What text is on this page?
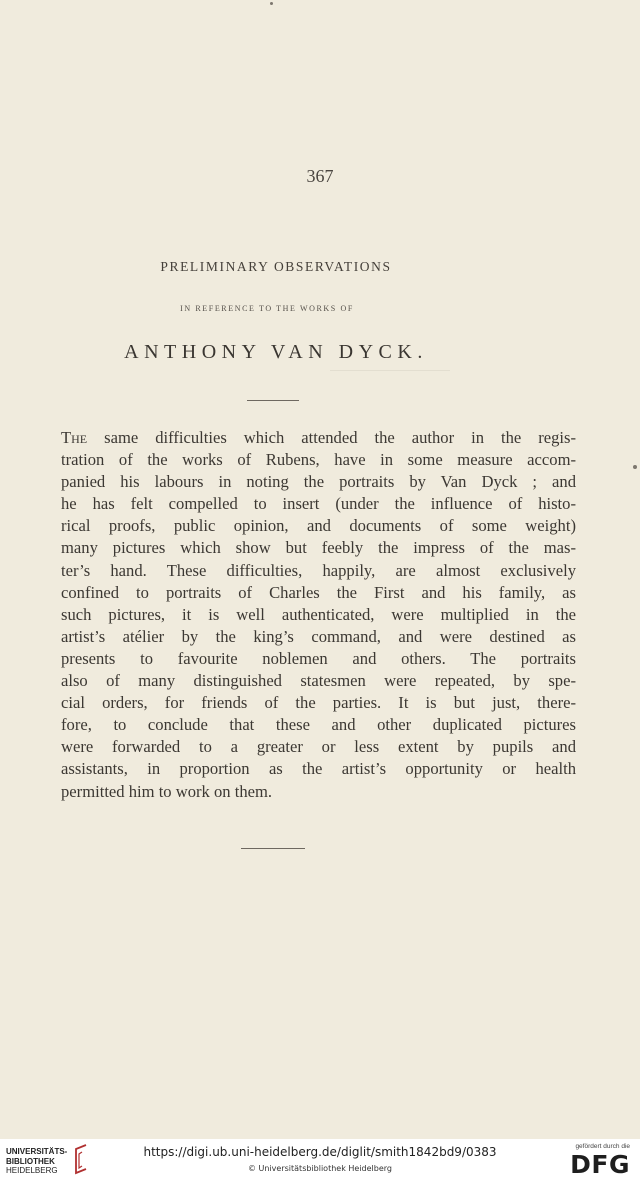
367
PRELIMINARY OBSERVATIONS
IN REFERENCE TO THE WORKS OF
ANTHONY VAN DYCK.
The same difficulties which attended the author in the regis-
tration of the works of Rubens, have in some measure accom-
panied his labours in noting the portraits by Van Dyck ; and
he has felt compelled to insert (under the influence of histo-
rical proofs, public opinion, and documents of some weight)
many pictures which show but feebly the impress of the mas-
ter’s hand. These difficulties, happily, are almost exclusively
confined to portraits of Charles the First and his family, as
such pictures, it is well authenticated, were multiplied in the
artist’s atélier by the king’s command, and were destined as
presents to favourite noblemen and others. The portraits
also of many distinguished statesmen were repeated, by spe-
cial orders, for friends of the parties. It is but just, there-
fore, to conclude that these and other duplicated pictures
were forwarded to a greater or less extent by pupils and
assistants, in proportion as the artist’s opportunity or health
permitted him to work on them.
UNIVERSITÄTS-
BIBLIOTHEK
HEIDELBERG
https://digi.ub.uni-heidelberg.de/diglit/smith1842bd9/0383
© Universitätsbibliothek Heidelberg
gefördert durch die
DFG
